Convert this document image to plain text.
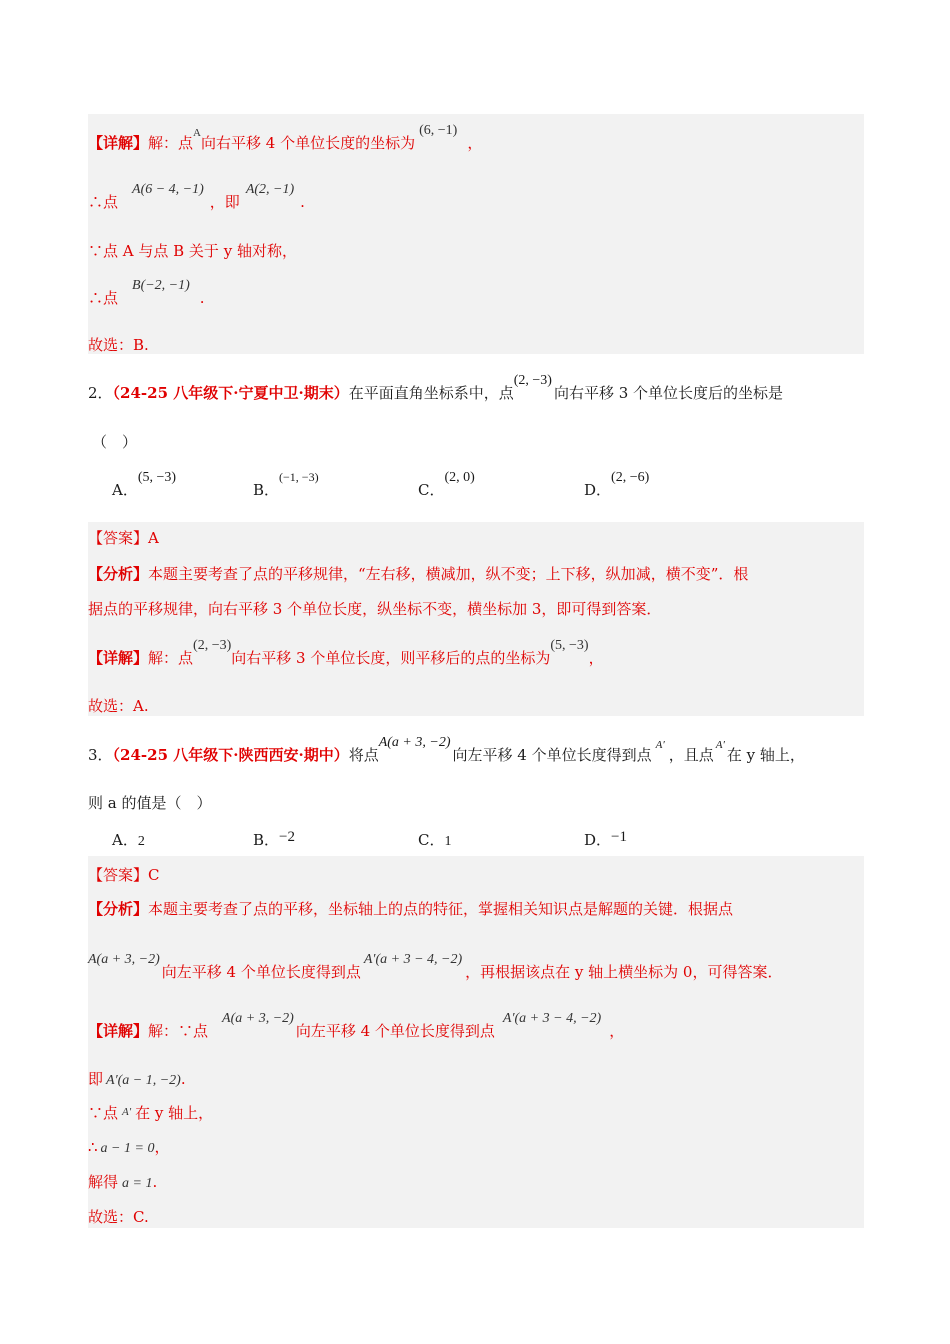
【详解】解：点$^A$向右平移 4 个单位长度的坐标为(6, −1)，
∴点A(6 − 4, −1)，即A(2, −1).
∵点 A 与点 B 关于 y 轴对称，
∴点B(−2, −1).
故选：B.
2．（24-25 八年级下·宁夏中卫·期末）在平面直角坐标系中，点(2, −3)向右平移 3 个单位长度后的坐标是
（　）
A．(5, −3)
B．$^{(-1, -3)}$
C．(2, 0)
D．(2, −6)
【答案】A
【分析】本题主要考查了点的平移规律，“左右移，横减加，纵不变；上下移，纵加减，横不变”．根
据点的平移规律，向右平移 3 个单位长度，纵坐标不变，横坐标加 3，即可得到答案．
【详解】解：点(2, −3)向右平移 3 个单位长度，则平移后的点的坐标为(5, −3)，
故选：A.
3．（24-25 八年级下·陕西西安·期中）将点A(a + 3, −2)向左平移 4 个单位长度得到点$^{A'}$，且点$^{A'}$在 y 轴上，
则 a 的值是（　）
A．2	B．−2	C．1	D．−1
【答案】C
【分析】本题主要考查了点的平移，坐标轴上的点的特征，掌握相关知识点是解题的关键．根据点
A(a + 3, −2)向左平移 4 个单位长度得到点A′(a + 3 − 4, −2)，再根据该点在 y 轴上横坐标为 0，可得答案．
【详解】解：∵点A(a + 3, −2)向左平移 4 个单位长度得到点A′(a + 3 − 4, −2)，
即 A′(a − 1, −2).
∵点 $^{A'}$ 在 y 轴上，
∴ a − 1 = 0，
解得 a = 1.
故选：C.
